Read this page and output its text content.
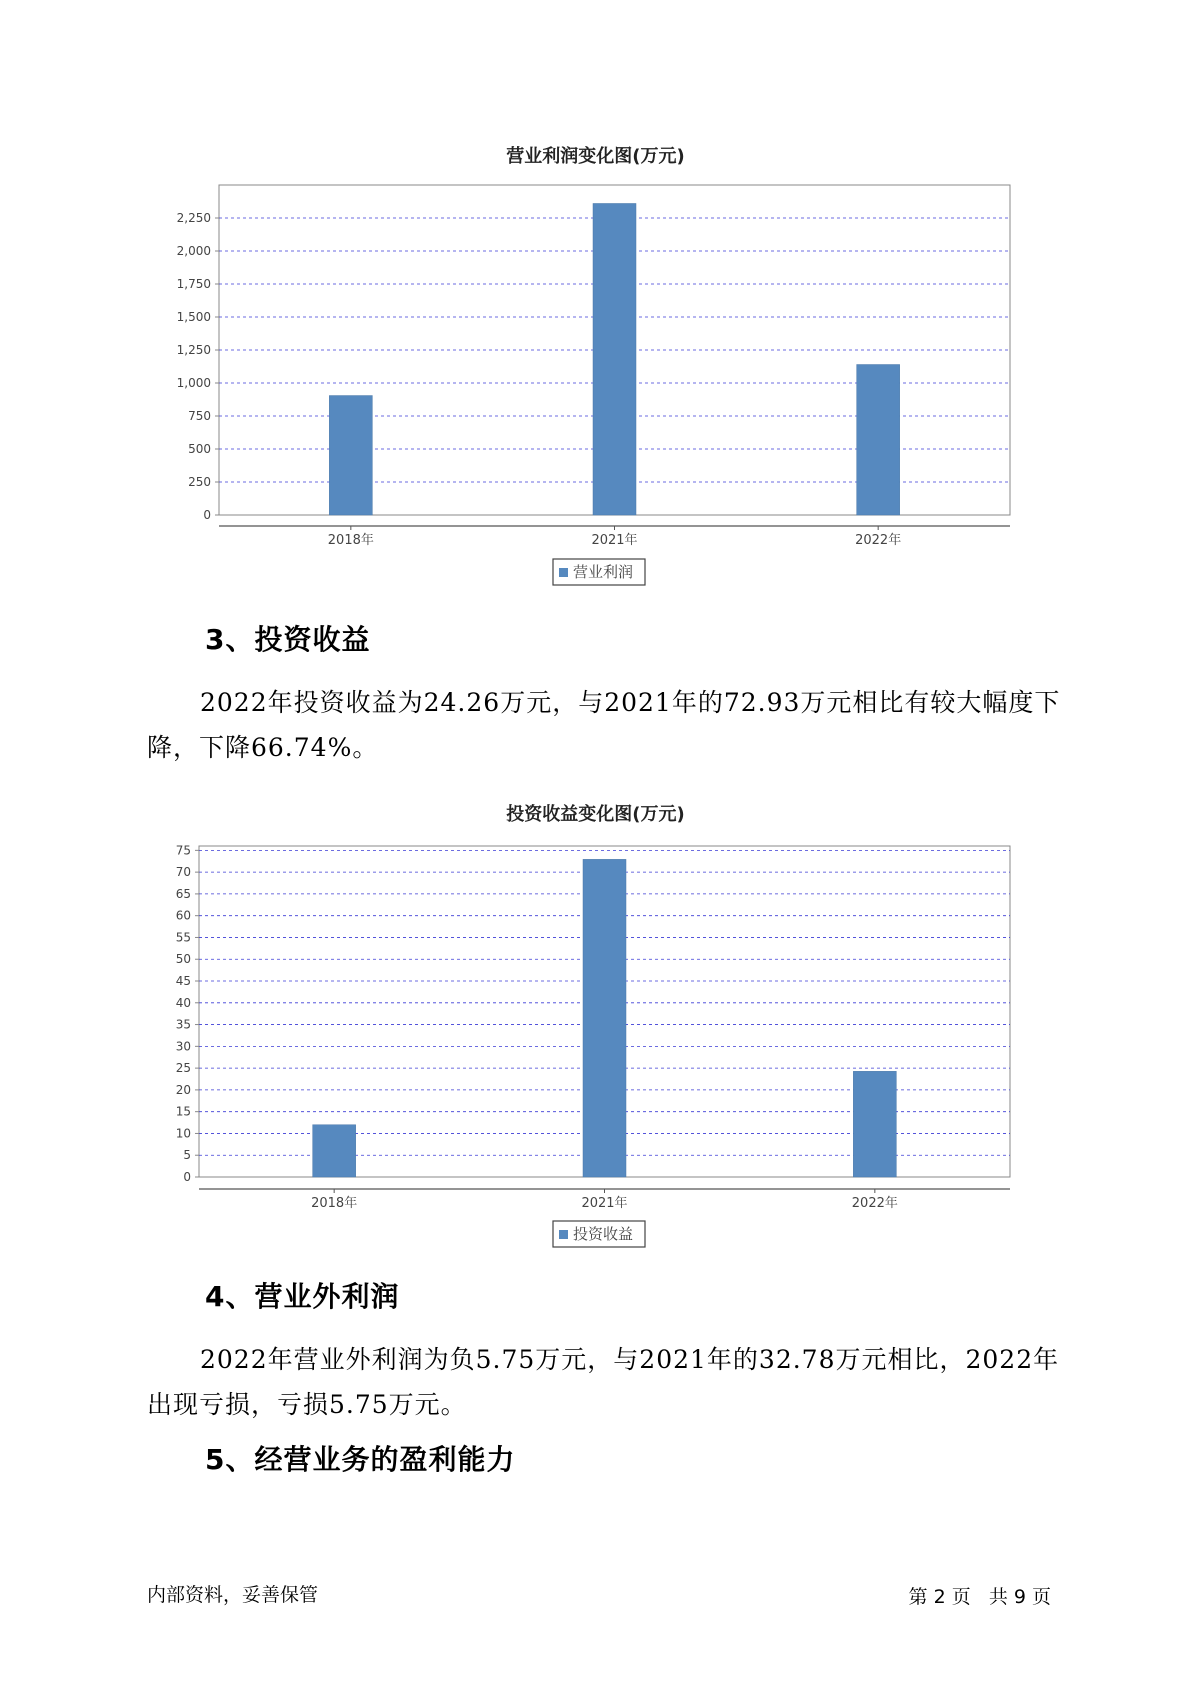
营业利润变化图(万元)
0
250
500
750
1,000
1,250
1,500
1,750
2,000
2,250
2018年	2021年	2022年
营业利润
3、投资收益
2022年投资收益为24.26万元，与2021年的72.93万元相比有较大幅度下降，下降66.74%。
投资收益变化图(万元)
0
5
10
15
20
25
30
35
40
45
50
55
60
65
70
75
2018年	2021年	2022年
投资收益
4、营业外利润
2022年营业外利润为负5.75万元，与2021年的32.78万元相比，2022年出现亏损，亏损5.75万元。
5、经营业务的盈利能力
内部资料，妥善保管	第 2 页   共 9 页
